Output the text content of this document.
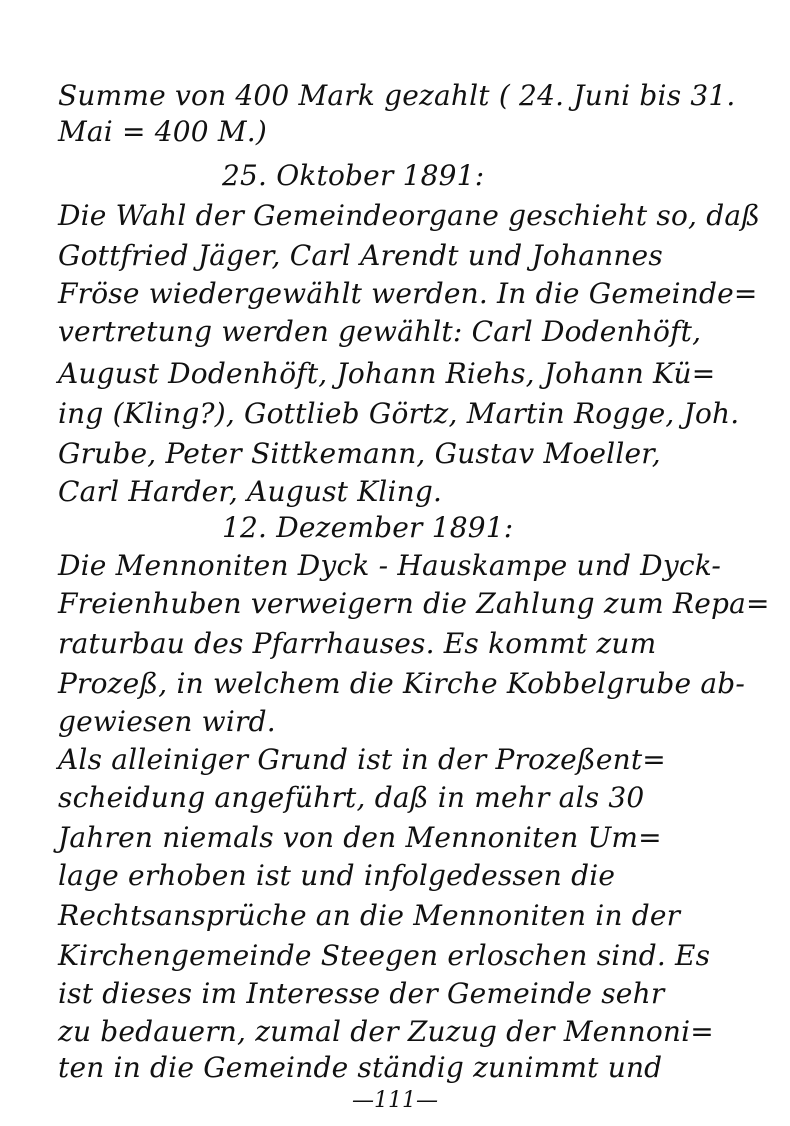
Summe von 400 Mark gezahlt ( 24. Juni bis 31.
Mai = 400 M.)
25. Oktober 1891:
Die Wahl der Gemeindeorgane geschieht so, daß
Gottfried Jäger, Carl Arendt und Johannes
Fröse wiedergewählt werden. In die Gemeinde=
vertretung werden gewählt: Carl Dodenhöft,
August Dodenhöft, Johann Riehs, Johann Kü=
ing (Kling?), Gottlieb Görtz, Martin Rogge, Joh.
Grube, Peter Sittkemann, Gustav Moeller,
Carl Harder, August Kling.
12. Dezember 1891:
Die Mennoniten Dyck - Hauskampe und Dyck-
Freienhuben verweigern die Zahlung zum Repa=
raturbau des Pfarrhauses. Es kommt zum
Prozeß, in welchem die Kirche Kobbelgrube ab-
gewiesen wird.
Als alleiniger Grund ist in der Prozeßent=
scheidung angeführt, daß in mehr als 30
Jahren niemals von den Mennoniten Um=
lage erhoben ist und infolgedessen die
Rechtsansprüche an die Mennoniten in der
Kirchengemeinde Steegen erloschen sind. Es
ist dieses im Interesse der Gemeinde sehr
zu bedauern, zumal der Zuzug der Mennoni=
ten in die Gemeinde ständig zunimmt und
—111—
